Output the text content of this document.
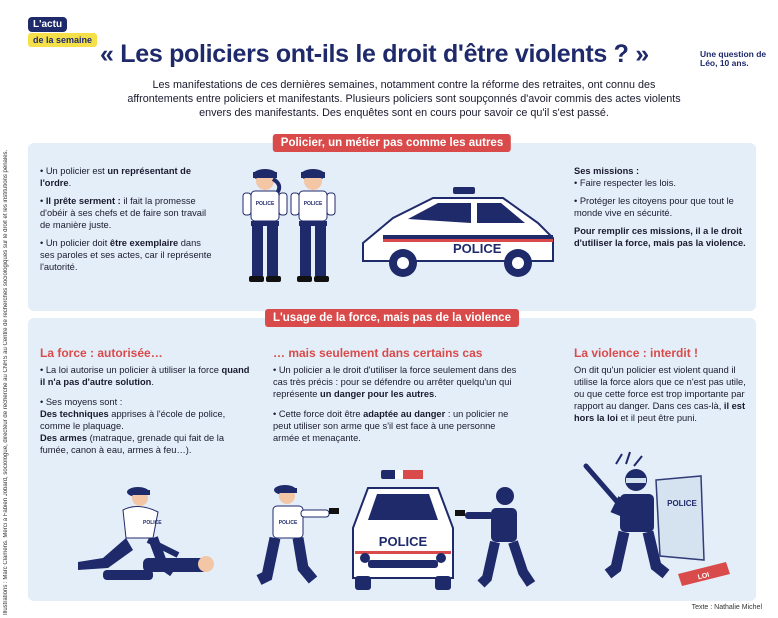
Illustrations : Marc Clamens. Merci à Fabien Jobard, sociologue, directeur de recherche au CNRS au Centre de recherches sociologiques sur le droit et les institutions pénales.
L'actu
de la semaine « Les policiers ont-ils le droit d'être violents ? »	Une question de Léo, 10 ans.
Les manifestations de ces dernières semaines, notamment contre la réforme des retraites, ont connu des affrontements entre policiers et manifestants. Plusieurs policiers sont soupçonnés d'avoir commis des actes violents envers des manifestants. Des enquêtes sont en cours pour savoir ce qu'il s'est passé.
Policier, un métier pas comme les autres

• Un policier est un représentant de l'ordre.

• Il prête serment : il fait la promesse d'obéir à ses chefs et de faire son travail de manière juste.

• Un policier doit être exemplaire dans ses paroles et ses actes, car il représente l'autorité.

POLICE	POLICE
POLICE

Ses missions :
• Faire respecter les lois.

• Protéger les citoyens pour que tout le monde vive en sécurité.

Pour remplir ces missions, il a le droit d'utiliser la force, mais pas la violence.

L'usage de la force, mais pas de la violence
La force : autorisée…

• La loi autorise un policier à utiliser la force quand il n'a pas d'autre solution.

• Ses moyens sont :
Des techniques apprises à l'école de police, comme le plaquage.
Des armes (matraque, grenade qui fait de la fumée, canon à eau, armes à feu…).

… mais seulement dans certains cas

• Un policier a le droit d'utiliser la force seulement dans des cas très précis : pour se défendre ou arrêter quelqu'un qui représente un danger pour les autres.

• Cette force doit être adaptée au danger : un policier ne peut utiliser son arme que s'il est face à une personne armée et menaçante.

La violence : interdit !

On dit qu'un policier est violent quand il utilise la force alors que ce n'est pas utile, ou que cette force est trop importante par rapport au danger. Dans ces cas-là, il est hors la loi et il peut être puni.

POLICE	POLICE
POLICE
POLICE
LOI
Texte : Nathalie Michel
